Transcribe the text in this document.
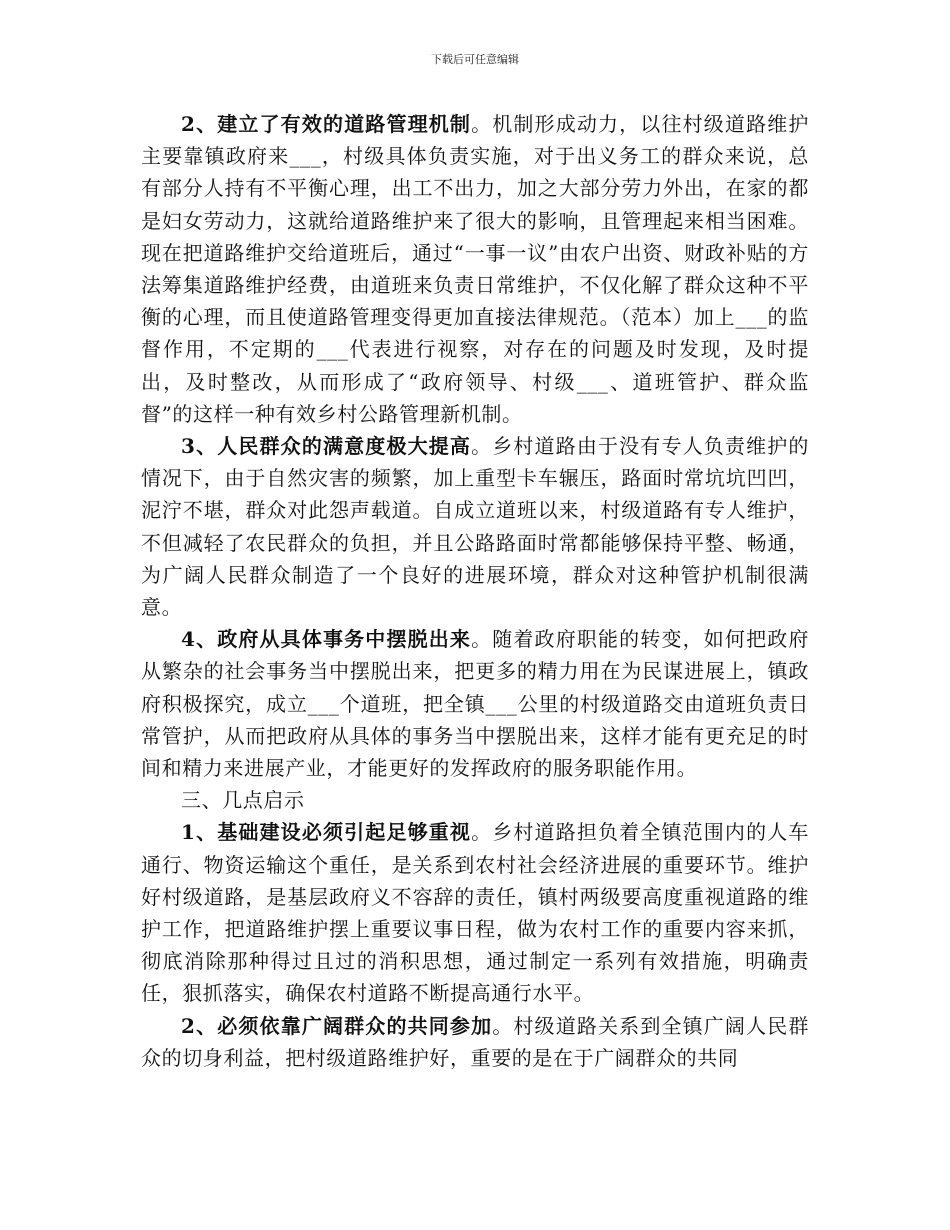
下载后可任意编辑

2、建立了有效的道路管理机制。机制形成动力，以往村级道路维护主要靠镇政府来___，村级具体负责实施，对于出义务工的群众来说，总有部分人持有不平衡心理，出工不出力，加之大部分劳力外出，在家的都是妇女劳动力，这就给道路维护来了很大的影响，且管理起来相当困难。现在把道路维护交给道班后，通过“一事一议”由农户出资、财政补贴的方法筹集道路维护经费，由道班来负责日常维护，不仅化解了群众这种不平衡的心理，而且使道路管理变得更加直接法律规范。（范本）加上___的监督作用，不定期的___代表进行视察，对存在的问题及时发现，及时提出，及时整改，从而形成了“政府领导、村级___、道班管护、群众监督”的这样一种有效乡村公路管理新机制。

3、人民群众的满意度极大提高。乡村道路由于没有专人负责维护的情况下，由于自然灾害的频繁，加上重型卡车辗压，路面时常坑坑凹凹，泥泞不堪，群众对此怨声载道。自成立道班以来，村级道路有专人维护，不但减轻了农民群众的负担，并且公路路面时常都能够保持平整、畅通，为广阔人民群众制造了一个良好的进展环境，群众对这种管护机制很满意。

4、政府从具体事务中摆脱出来。随着政府职能的转变，如何把政府从繁杂的社会事务当中摆脱出来，把更多的精力用在为民谋进展上，镇政府积极探究，成立___个道班，把全镇___公里的村级道路交由道班负责日常管护，从而把政府从具体的事务当中摆脱出来，这样才能有更充足的时间和精力来进展产业，才能更好的发挥政府的服务职能作用。

三、几点启示

1、基础建设必须引起足够重视。乡村道路担负着全镇范围内的人车通行、物资运输这个重任，是关系到农村社会经济进展的重要环节。维护好村级道路，是基层政府义不容辞的责任，镇村两级要高度重视道路的维护工作，把道路维护摆上重要议事日程，做为农村工作的重要内容来抓，彻底消除那种得过且过的消积思想，通过制定一系列有效措施，明确责任，狠抓落实，确保农村道路不断提高通行水平。

2、必须依靠广阔群众的共同参加。村级道路关系到全镇广阔人民群众的切身利益，把村级道路维护好，重要的是在于广阔群众的共同
